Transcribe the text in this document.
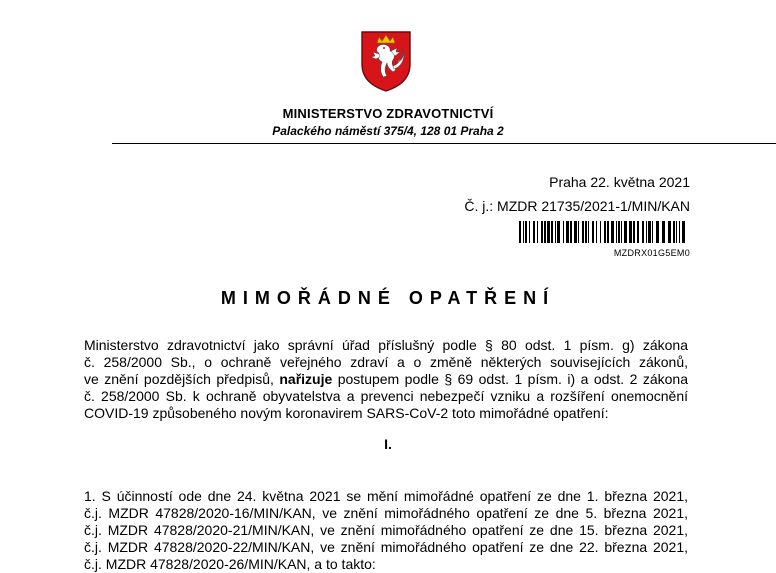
MINISTERSTVO ZDRAVOTNICTVÍ
Palackého náměstí 375/4, 128 01 Praha 2
Praha 22. května 2021
Č. j.: MZDR 21735/2021-1/MIN/KAN
MZDRX01G5EM0
MIMOŘÁDNÉ OPATŘENÍ
Ministerstvo zdravotnictví jako správní úřad příslušný podle § 80 odst. 1 písm. g) zákona
č. 258/2000 Sb., o ochraně veřejného zdraví a o změně některých souvisejících zákonů,
ve znění pozdějších předpisů, nařizuje postupem podle § 69 odst. 1 písm. i) a odst. 2 zákona
č. 258/2000 Sb. k ochraně obyvatelstva a prevenci nebezpečí vzniku a rozšíření onemocnění
COVID-19 způsobeného novým koronavirem SARS-CoV-2 toto mimořádné opatření:
I.
1. S účinností ode dne 24. května 2021 se mění mimořádné opatření ze dne 1. března 2021,
č.j. MZDR 47828/2020-16/MIN/KAN, ve znění mimořádného opatření ze dne 5. března 2021,
č.j. MZDR 47828/2020-21/MIN/KAN, ve znění mimořádného opatření ze dne 15. března 2021,
č.j. MZDR 47828/2020-22/MIN/KAN, ve znění mimořádného opatření ze dne 22. března 2021,
č.j. MZDR 47828/2020-26/MIN/KAN, a to takto:
